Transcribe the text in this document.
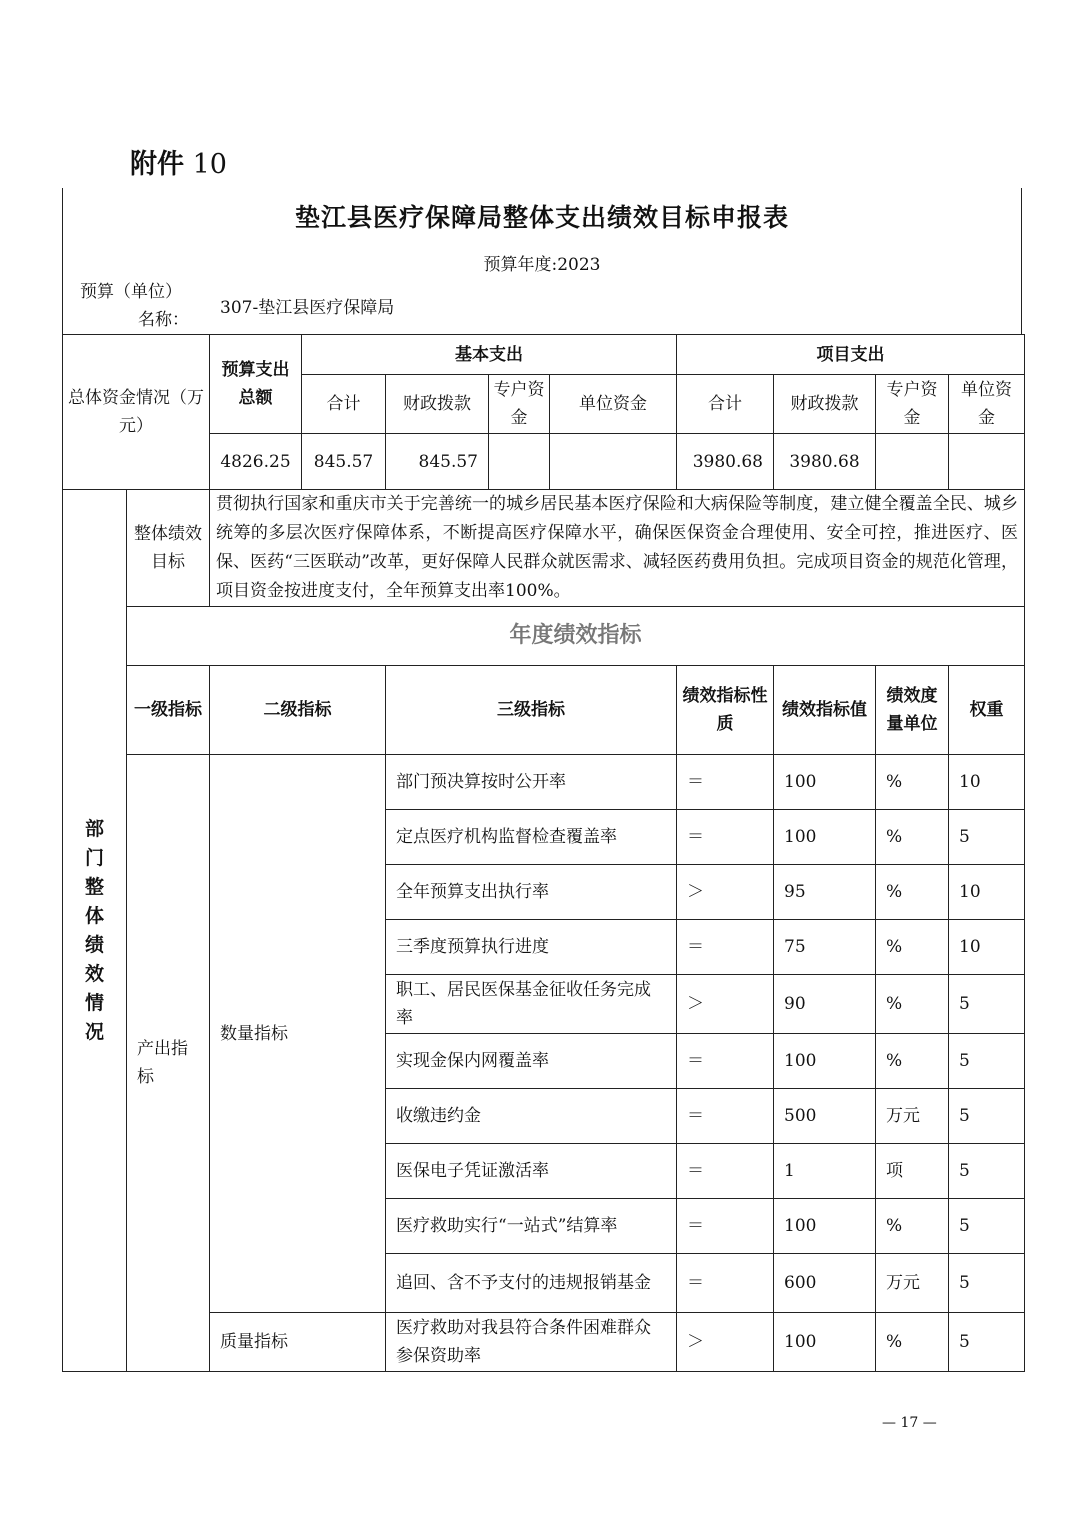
附件 10
垫江县医疗保障局整体支出绩效目标申报表
预算年度:2023
预算（单位）
名称：
307-垫江县医疗保障局
总体资金情况（万元）		预算支出总额	基本支出				项目支出			
			合计	财政拨款	专户资金	单位资金	合计	财政拨款	专户资金	单位资金
		4826.25	845.57	845.57			3980.68	3980.68		
部门整体绩效情况	整体绩效目标	贯彻执行国家和重庆市关于完善统一的城乡居民基本医疗保险和大病保险等制度，建立健全覆盖全民、城乡统筹的多层次医疗保障体系，不断提高医疗保障水平，确保医保资金合理使用、安全可控，推进医疗、医保、医药“三医联动”改革，更好保障人民群众就医需求、减轻医药费用负担。完成项目资金的规范化管理，项目资金按进度支付，全年预算支出率100%。								
	年度绩效指标									
	一级指标	二级指标		三级指标			绩效指标性质	绩效指标值	绩效度量单位	权重
	产出指标	数量指标		部门预决算按时公开率			＝	100	%	10
				定点医疗机构监督检查覆盖率			＝	100	%	5
				全年预算支出执行率			＞	95	%	10
				三季度预算执行进度			＝	75	%	10
				职工、居民医保基金征收任务完成率			＞	90	%	5
				实现金保内网覆盖率			＝	100	%	5
				收缴违约金			＝	500	万元	5
				医保电子凭证激活率			＝	1	项	5
				医疗救助实行“一站式”结算率			＝	100	%	5
				追回、含不予支付的违规报销基金			＝	600	万元	5
		质量指标		医疗救助对我县符合条件困难群众参保资助率			＞	100	%	5
— 17 —
